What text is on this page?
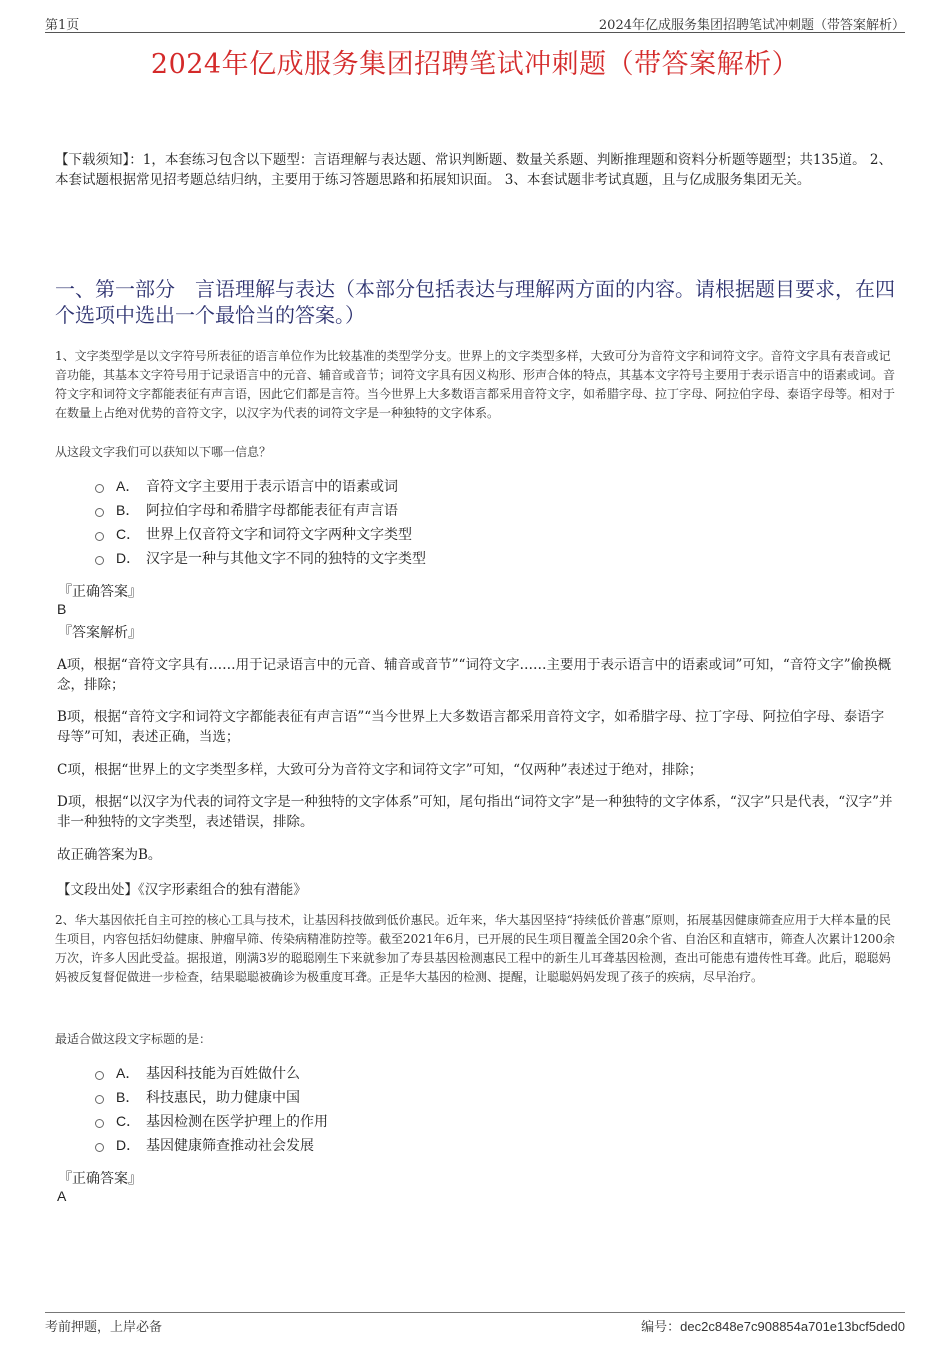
第1页	2024年亿成服务集团招聘笔试冲刺题（带答案解析）
2024年亿成服务集团招聘笔试冲刺题（带答案解析）
【下载须知】：1，本套练习包含以下题型：言语理解与表达题、常识判断题、数量关系题、判断推理题和资料分析题等题型；共135道。 2、本套试题根据常见招考题总结归纳，主要用于练习答题思路和拓展知识面。 3、本套试题非考试真题，且与亿成服务集团无关。
一、第一部分　言语理解与表达（本部分包括表达与理解两方面的内容。请根据题目要求，在四个选项中选出一个最恰当的答案。）
1、文字类型学是以文字符号所表征的语言单位作为比较基准的类型学分支。世界上的文字类型多样，大致可分为音符文字和词符文字。音符文字具有表音或记音功能，其基本文字符号用于记录语言中的元音、辅音或音节；词符文字具有因义构形、形声合体的特点，其基本文字符号主要用于表示语言中的语素或词。音符文字和词符文字都能表征有声言语，因此它们都是言符。当今世界上大多数语言都采用音符文字，如希腊字母、拉丁字母、阿拉伯字母、泰语字母等。相对于在数量上占绝对优势的音符文字，以汉字为代表的词符文字是一种独特的文字体系。
从这段文字我们可以获知以下哪一信息？
A． 音符文字主要用于表示语言中的语素或词
B． 阿拉伯字母和希腊字母都能表征有声言语
C． 世界上仅音符文字和词符文字两种文字类型
D． 汉字是一种与其他文字不同的独特的文字类型
『正确答案』
B
『答案解析』
A项，根据“音符文字具有……用于记录语言中的元音、辅音或音节”“词符文字……主要用于表示语言中的语素或词”可知，“音符文字”偷换概念，排除；
B项，根据“音符文字和词符文字都能表征有声言语”“当今世界上大多数语言都采用音符文字，如希腊字母、拉丁字母、阿拉伯字母、泰语字母等”可知，表述正确，当选；
C项，根据“世界上的文字类型多样，大致可分为音符文字和词符文字”可知，“仅两种”表述过于绝对，排除；
D项，根据“以汉字为代表的词符文字是一种独特的文字体系”可知，尾句指出“词符文字”是一种独特的文字体系，“汉字”只是代表，“汉字”并非一种独特的文字类型，表述错误，排除。
故正确答案为B。
【文段出处】《汉字形素组合的独有潜能》
2、华大基因依托自主可控的核心工具与技术，让基因科技做到低价惠民。近年来，华大基因坚持“持续低价普惠”原则，拓展基因健康筛查应用于大样本量的民生项目，内容包括妇幼健康、肿瘤早筛、传染病精准防控等。截至2021年6月，已开展的民生项目覆盖全国20余个省、自治区和直辖市，筛查人次累计1200余万次，许多人因此受益。据报道，刚满3岁的聪聪刚生下来就参加了寿县基因检测惠民工程中的新生儿耳聋基因检测，查出可能患有遗传性耳聋。此后，聪聪妈妈被反复督促做进一步检查，结果聪聪被确诊为极重度耳聋。正是华大基因的检测、提醒，让聪聪妈妈发现了孩子的疾病，尽早治疗。
最适合做这段文字标题的是：
A． 基因科技能为百姓做什么
B． 科技惠民，助力健康中国
C． 基因检测在医学护理上的作用
D． 基因健康筛查推动社会发展
『正确答案』
A
考前押题，上岸必备	编号：dec2c848e7c908854a701e13bcf5ded0
